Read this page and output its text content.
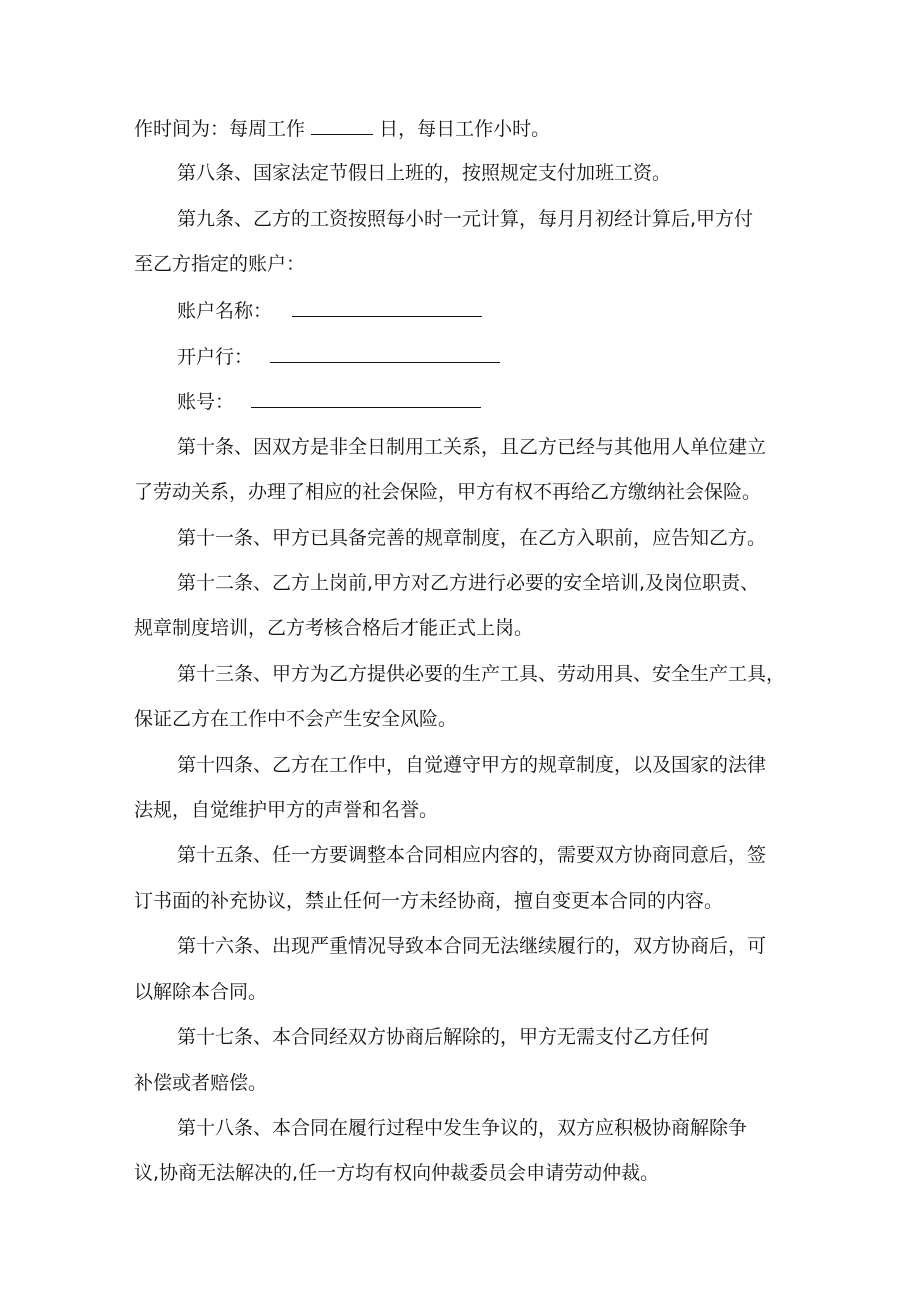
作时间为：每周工作	日，每日工作小时。
第八条、国家法定节假日上班的，按照规定支付加班工资。
第九条、乙方的工资按照每小时一元计算，每月月初经计算后,甲方付
至乙方指定的账户：
账户名称：
开户行：
账号：
第十条、因双方是非全日制用工关系，且乙方已经与其他用人单位建立
了劳动关系，办理了相应的社会保险，甲方有权不再给乙方缴纳社会保险。
第十一条、甲方已具备完善的规章制度，在乙方入职前，应告知乙方。
第十二条、乙方上岗前,甲方对乙方进行必要的安全培训,及岗位职责、
规章制度培训，乙方考核合格后才能正式上岗。
第十三条、甲方为乙方提供必要的生产工具、劳动用具、安全生产工具，
保证乙方在工作中不会产生安全风险。
第十四条、乙方在工作中，自觉遵守甲方的规章制度，以及国家的法律
法规，自觉维护甲方的声誉和名誉。
第十五条、任一方要调整本合同相应内容的，需要双方协商同意后，签
订书面的补充协议，禁止任何一方未经协商，擅自变更本合同的内容。
第十六条、出现严重情况导致本合同无法继续履行的，双方协商后，可
以解除本合同。
第十七条、本合同经双方协商后解除的，甲方无需支付乙方任何
补偿或者赔偿。
第十八条、本合同在履行过程中发生争议的，双方应积极协商解除争
议,协商无法解决的,任一方均有权向仲裁委员会申请劳动仲裁。
